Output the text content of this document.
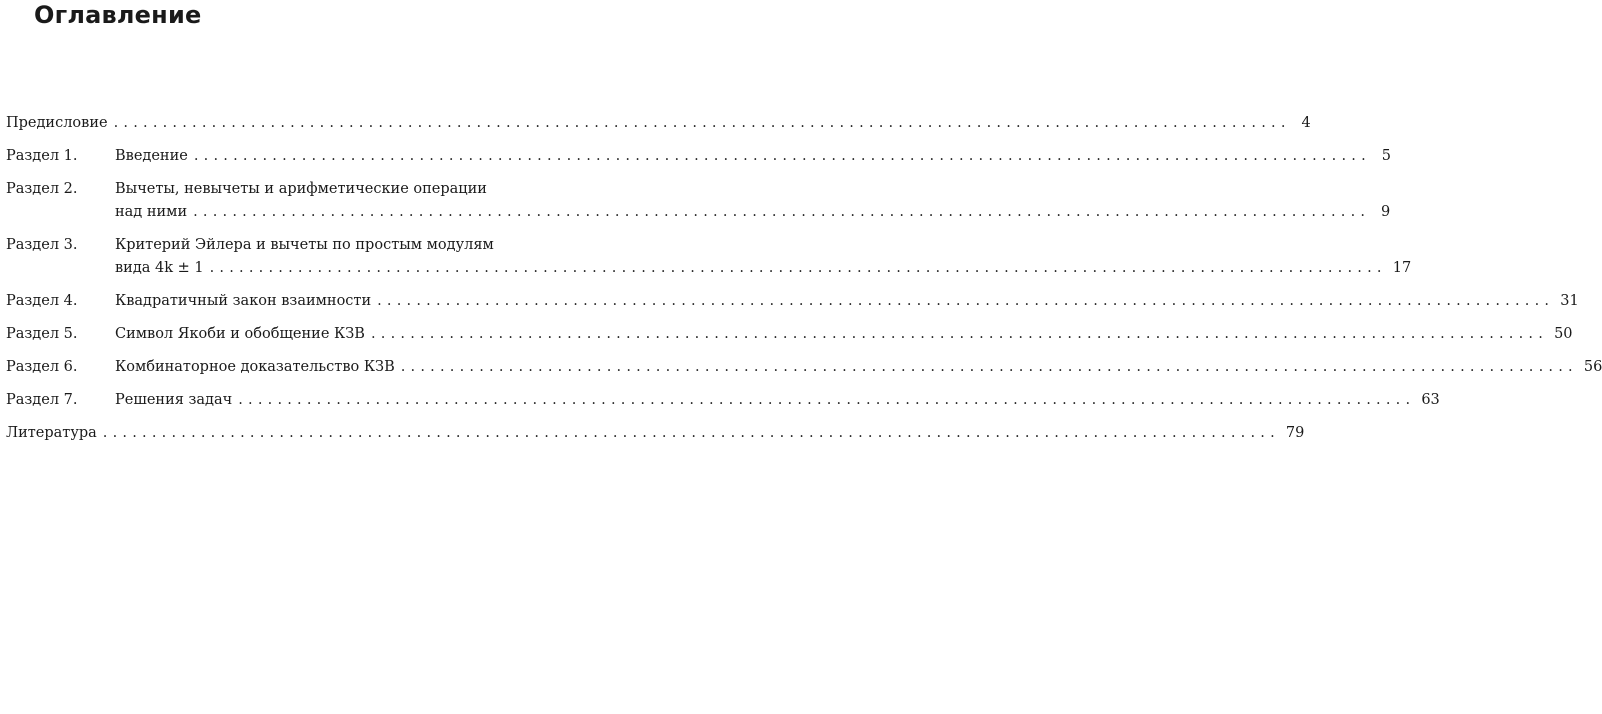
Оглавление
Предисловие ........................................................................................................................ 4
Раздел 1.	Введение ........................................................................................................................ 5
Раздел 2.	Вычеты, невычеты и арифметические операции
над ними ........................................................................................................................ 9
Раздел 3.	Критерий Эйлера и вычеты по простым модулям
вида 4k ± 1 ........................................................................................................................ 17
Раздел 4.	Квадратичный закон взаимности ........................................................................................................................ 31
Раздел 5.	Символ Якоби и обобщение КЗВ ........................................................................................................................ 50
Раздел 6.	Комбинаторное доказательство КЗВ ........................................................................................................................ 56
Раздел 7.	Решения задач ........................................................................................................................ 63
Литература ........................................................................................................................ 79
